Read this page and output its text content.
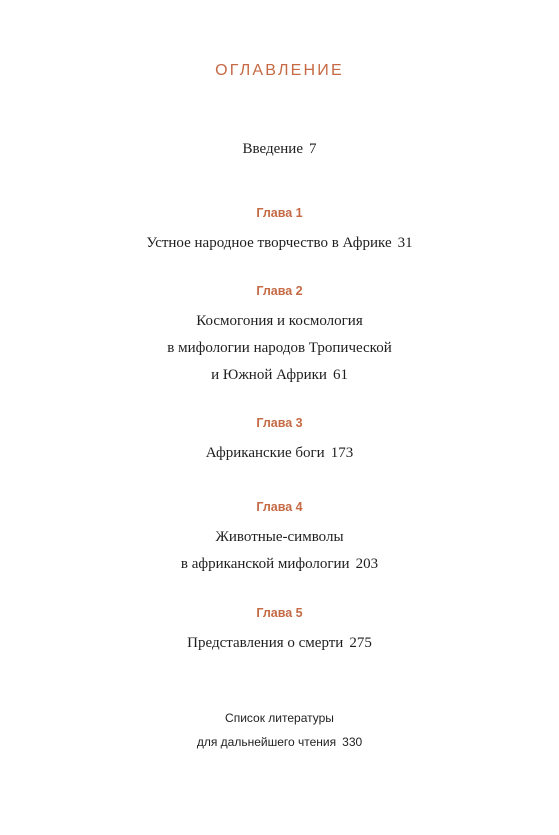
ОГЛАВЛЕНИЕ
Введение 7
Глава 1
Устное народное творчество в Африке 31
Глава 2
Космогония и космология
в мифологии народов Тропической
и Южной Африки 61
Глава 3
Африканские боги 173
Глава 4
Животные-символы
в африканской мифологии 203
Глава 5
Представления о смерти 275
Список литературы
для дальнейшего чтения 330
